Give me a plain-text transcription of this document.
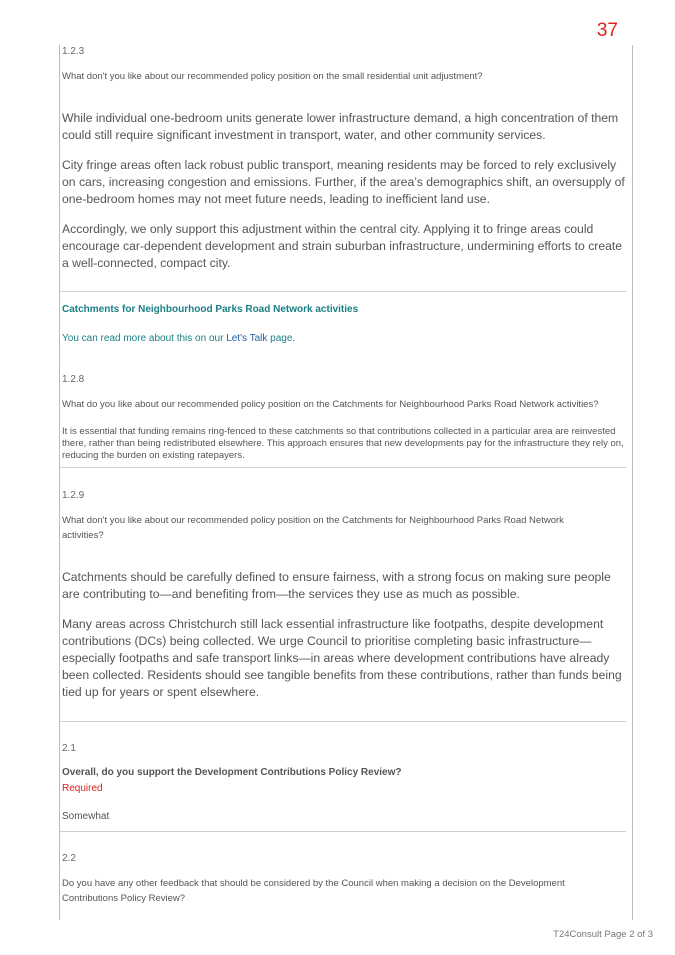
37
1.2.3
What don't you like about our recommended policy position on the small residential unit adjustment?

While individual one-bedroom units generate lower infrastructure demand, a high concentration of them could still require significant investment in transport, water, and other community services.

City fringe areas often lack robust public transport, meaning residents may be forced to rely exclusively on cars, increasing congestion and emissions. Further, if the area’s demographics shift, an oversupply of one-bedroom homes may not meet future needs, leading to inefficient land use.

Accordingly, we only support this adjustment within the central city. Applying it to fringe areas could encourage car-dependent development and strain suburban infrastructure, undermining efforts to create a well-connected, compact city.

Catchments for Neighbourhood Parks Road Network activities
You can read more about this on our Let's Talk page.
1.2.8
What do you like about our recommended policy position on the Catchments for Neighbourhood Parks Road Network activities?

It is essential that funding remains ring-fenced to these catchments so that contributions collected in a particular area are reinvested there, rather than being redistributed elsewhere. This approach ensures that new developments pay for the infrastructure they rely on, reducing the burden on existing ratepayers.

1.2.9
What don't you like about our recommended policy position on the Catchments for Neighbourhood Parks Road Network activities?

Catchments should be carefully defined to ensure fairness, with a strong focus on making sure people are contributing to—and benefiting from—the services they use as much as possible.

Many areas across Christchurch still lack essential infrastructure like footpaths, despite development contributions (DCs) being collected. We urge Council to prioritise completing basic infrastructure—especially footpaths and safe transport links—in areas where development contributions have already been collected. Residents should see tangible benefits from these contributions, rather than funds being tied up for years or spent elsewhere.

2.1
Overall, do you support the Development Contributions Policy Review?
Required
Somewhat
2.2
Do you have any other feedback that should be considered by the Council when making a decision on the Development Contributions Policy Review?
T24Consult Page 2 of 3
